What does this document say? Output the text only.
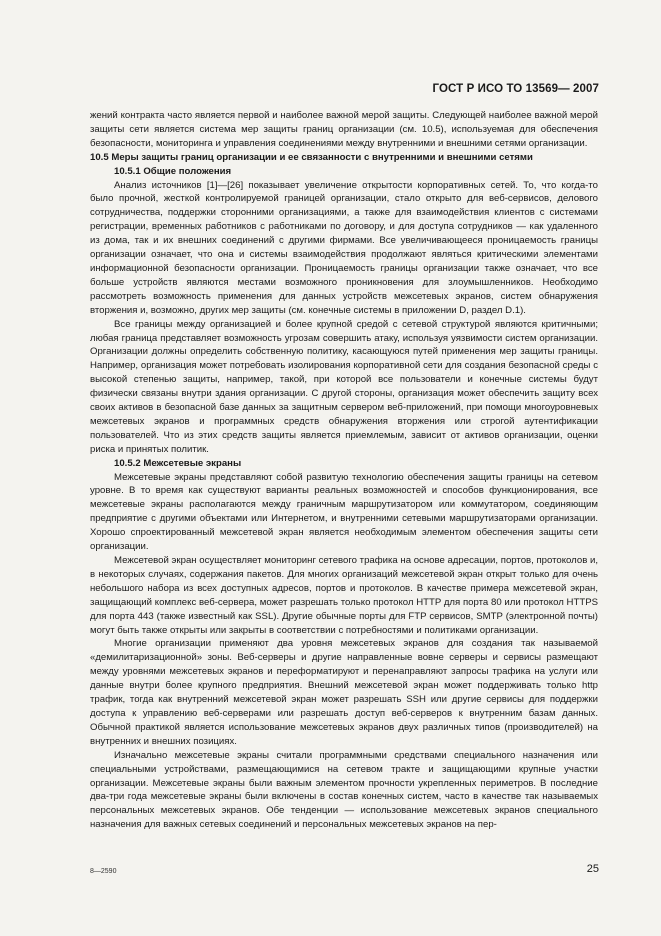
ГОСТ Р ИСО ТО 13569— 2007

жений контракта часто является первой и наиболее важной мерой защиты. Следующей наиболее важной мерой защиты сети является система мер защиты границ организации (см. 10.5), используемая для обеспечения безопасности, мониторинга и управления соединениями между внутренними и внешними сетями организации.

10.5 Меры защиты границ организации и ее связанности с внутренними и внешними сетями

10.5.1 Общие положения

Анализ источников [1]—[26] показывает увеличение открытости корпоративных сетей. То, что когда-то было прочной, жесткой контролируемой границей организации, стало открыто для веб-сервисов, делового сотрудничества, поддержки сторонними организациями, а также для взаимодействия клиентов с системами регистрации, временных работников с работниками по договору, и для доступа сотрудников — как удаленного из дома, так и их внешних соединений с другими фирмами. Все увеличивающееся проницаемость границы организации означает, что она и системы взаимодействия продолжают являться критическими элементами информационной безопасности организации. Проницаемость границы организации также означает, что все больше устройств являются местами возможного проникновения для злоумышленников. Необходимо рассмотреть возможность применения для данных устройств межсетевых экранов, систем обнаружения вторжения и, возможно, других мер защиты (см. конечные системы в приложении D, раздел D.1).

Все границы между организацией и более крупной средой с сетевой структурой являются критичными; любая граница представляет возможность угрозам совершить атаку, используя уязвимости систем организации. Организации должны определить собственную политику, касающуюся путей применения мер защиты границы. Например, организация может потребовать изолирования корпоративной сети для создания безопасной среды с высокой степенью защиты, например, такой, при которой все пользователи и конечные системы будут физически связаны внутри здания организации. С другой стороны, организация может обеспечить защиту всех своих активов в безопасной базе данных за защитным сервером веб-приложений, при помощи многоуровневых межсетевых экранов и программных средств обнаружения вторжения или строгой аутентификации пользователей. Что из этих средств защиты является приемлемым, зависит от активов организации, оценки риска и принятых политик.

10.5.2 Межсетевые экраны

Межсетевые экраны представляют собой развитую технологию обеспечения защиты границы на сетевом уровне. В то время как существуют варианты реальных возможностей и способов функционирования, все межсетевые экраны располагаются между граничным маршрутизатором или коммутатором, соединяющим предприятие с другими объектами или Интернетом, и внутренними сетевыми маршрутизаторами организации. Хорошо спроектированный межсетевой экран является необходимым элементом обеспечения защиты сети организации.

Межсетевой экран осуществляет мониторинг сетевого трафика на основе адресации, портов, протоколов и, в некоторых случаях, содержания пакетов. Для многих организаций межсетевой экран открыт только для очень небольшого набора из всех доступных адресов, портов и протоколов. В качестве примера межсетевой экран, защищающий комплекс веб-сервера, может разрешать только протокол HTTP для порта 80 или протокол HTTPS для порта 443 (также известный как SSL). Другие обычные порты для FTP сервисов, SMTP (электронной почты) могут быть также открыты или закрыты в соответствии с потребностями и политиками организации.

Многие организации применяют два уровня межсетевых экранов для создания так называемой «демилитаризационной» зоны. Веб-серверы и другие направленные вовне серверы и сервисы размещают между уровнями межсетевых экранов и переформатируют и перенаправляют запросы трафика на услуги или данные внутри более крупного предприятия. Внешний межсетевой экран может поддерживать только http трафик, тогда как внутренний межсетевой экран может разрешать SSH или другие сервисы для поддержки доступа к управлению веб-серверами или разрешать доступ веб-серверов к внутренним базам данных. Обычной практикой является использование межсетевых экранов двух различных типов (производителей) на внутренних и внешних позициях.

Изначально межсетевые экраны считали программными средствами специального назначения или специальными устройствами, размещающимися на сетевом тракте и защищающими крупные участки организации. Межсетевые экраны были важным элементом прочности укрепленных периметров. В последние два-три года межсетевые экраны были включены в состав конечных систем, часто в качестве так называемых персональных межсетевых экранов. Обе тенденции — использование межсетевых экранов специального назначения для важных сетевых соединений и персональных межсетевых экранов на пер-

8—2590	25
